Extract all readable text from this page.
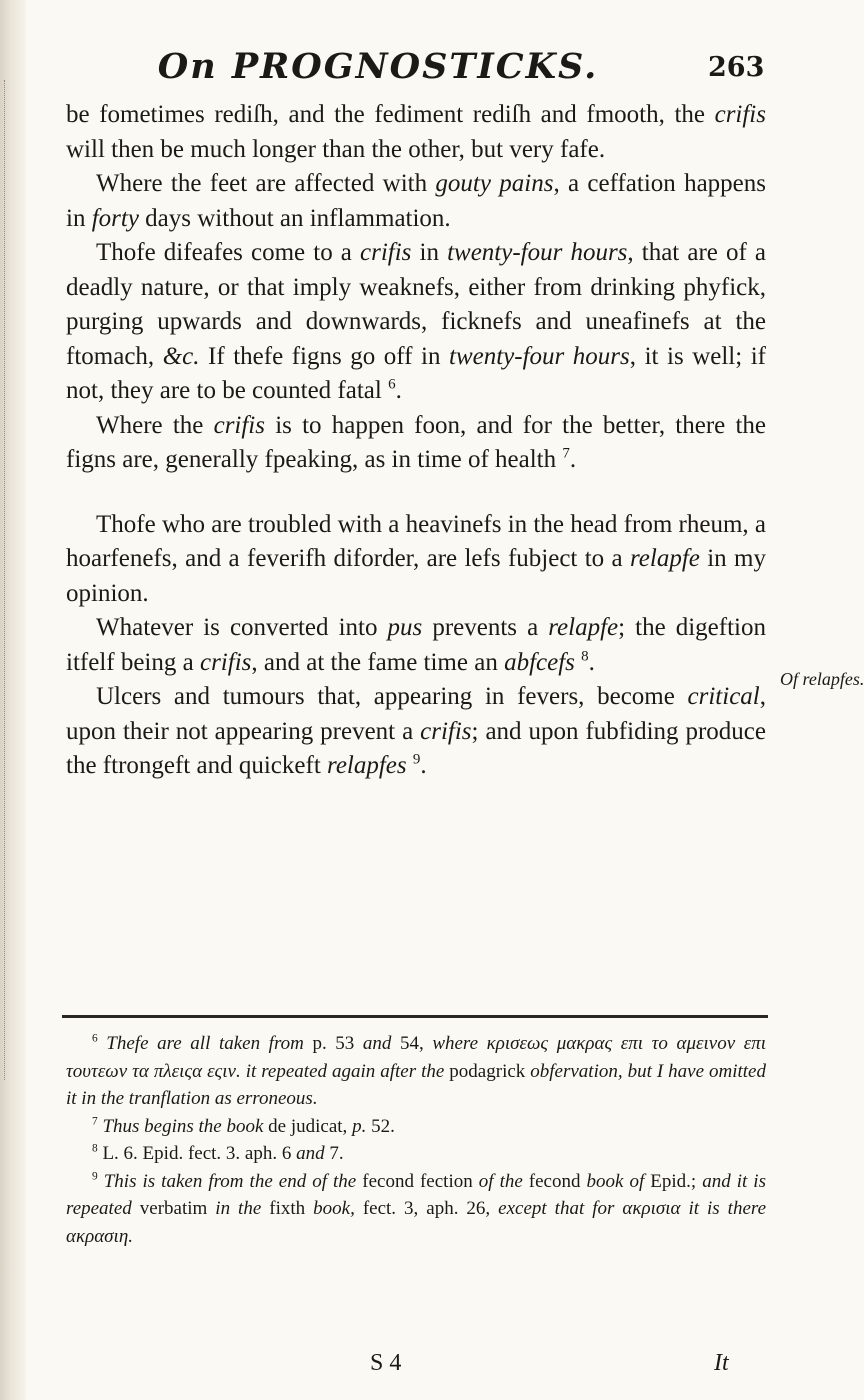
On PROGNOSTICKS.	263

be fometimes rediſh, and the fediment rediſh and fmooth, the crifis will then be much longer than the other, but very fafe.

Where the feet are affected with gouty pains, a ceffation happens in forty days without an inflammation.

Thofe difeafes come to a crifis in twenty-four hours, that are of a deadly nature, or that imply weaknefs, either from drinking phyfick, purging upwards and downwards, ficknefs and uneafinefs at the ftomach, &c. If thefe figns go off in twenty-four hours, it is well; if not, they are to be counted fatal $^6$.

Where the crifis is to happen foon, and for the better, there the figns are, generally fpeaking, as in time of health $^7$.

Thofe who are troubled with a heavinefs in the head from rheum, a hoarfenefs, and a feverifh diforder, are lefs fubject to a relapfe in my opinion.

Whatever is converted into pus prevents a relapfe; the digeftion itfelf being a crifis, and at the fame time an abfcefs $^8$.

Ulcers and tumours that, appearing in fevers, become critical, upon their not appearing prevent a crifis; and upon fubfiding produce the ftrongeft and quickeft relapfes $^9$.

Of relapfes.

$^6$ Thefe are all taken from p. 53 and 54, where κρισεως μακρας επι το αμεινον επι τουτεων τα πλειςα εςιν. it repeated again after the podagrick obfervation, but I have omitted it in the tranflation as erroneous.

$^7$ Thus begins the book de judicat, p. 52.

$^8$ L. 6. Epid. fect. 3. aph. 6 and 7.

$^9$ This is taken from the end of the fecond fection of the fecond book of Epid.; and it is repeated verbatim in the fixth book, fect. 3, aph. 26, except that for ακρισια it is there ακρασιη.

S 4	It
